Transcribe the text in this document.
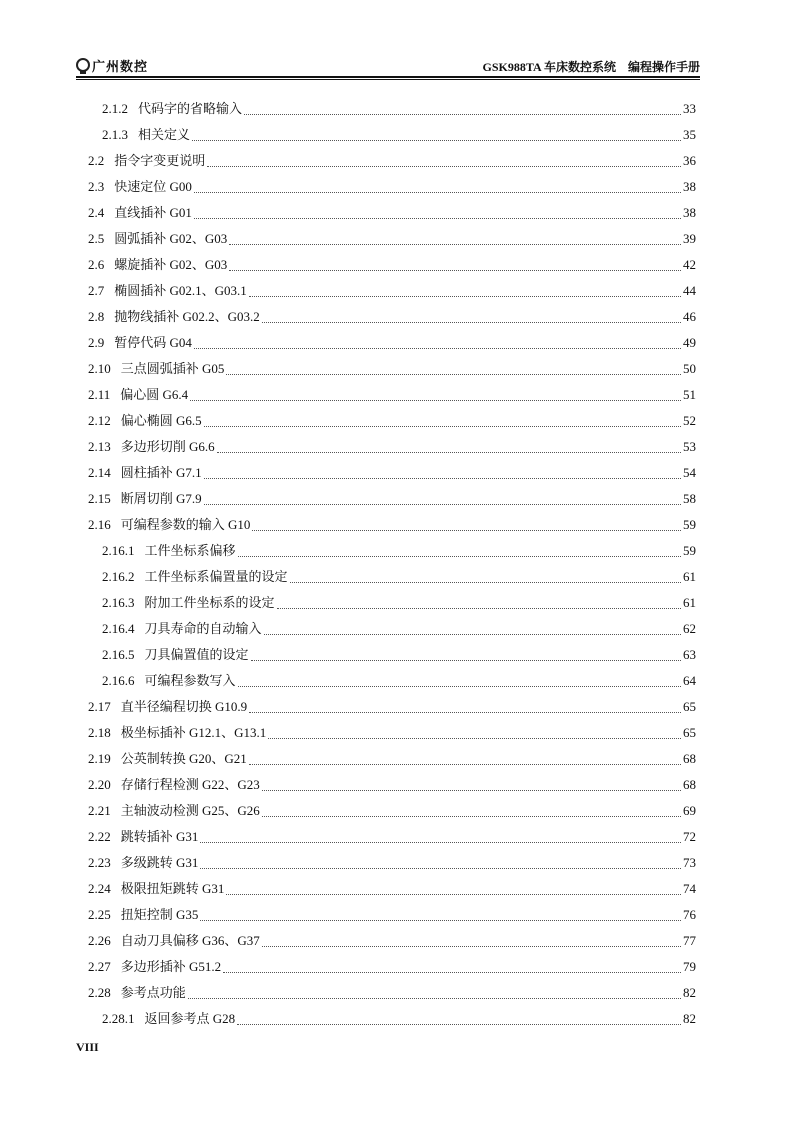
广州数控	GSK988TA 车床数控系统　编程操作手册
2.1.2 代码字的省略输入	33
2.1.3 相关定义	35
2.2 指令字变更说明	36
2.3 快速定位 G00	38
2.4 直线插补 G01	38
2.5 圆弧插补 G02、G03	39
2.6 螺旋插补 G02、G03	42
2.7 椭圆插补 G02.1、G03.1	44
2.8 抛物线插补 G02.2、G03.2	46
2.9 暂停代码 G04	49
2.10 三点圆弧插补 G05	50
2.11 偏心圆 G6.4	51
2.12 偏心椭圆 G6.5	52
2.13 多边形切削 G6.6	53
2.14 圆柱插补 G7.1	54
2.15 断屑切削 G7.9	58
2.16 可编程参数的输入 G10	59
2.16.1 工件坐标系偏移	59
2.16.2 工件坐标系偏置量的设定	61
2.16.3 附加工件坐标系的设定	61
2.16.4 刀具寿命的自动输入	62
2.16.5 刀具偏置值的设定	63
2.16.6 可编程参数写入	64
2.17 直半径编程切换 G10.9	65
2.18 极坐标插补 G12.1、G13.1	65
2.19 公英制转换 G20、G21	68
2.20 存储行程检测 G22、G23	68
2.21 主轴波动检测 G25、G26	69
2.22 跳转插补 G31	72
2.23 多级跳转 G31	73
2.24 极限扭矩跳转 G31	74
2.25 扭矩控制 G35	76
2.26 自动刀具偏移 G36、G37	77
2.27 多边形插补 G51.2	79
2.28 参考点功能	82
2.28.1 返回参考点 G28	82
VIII
